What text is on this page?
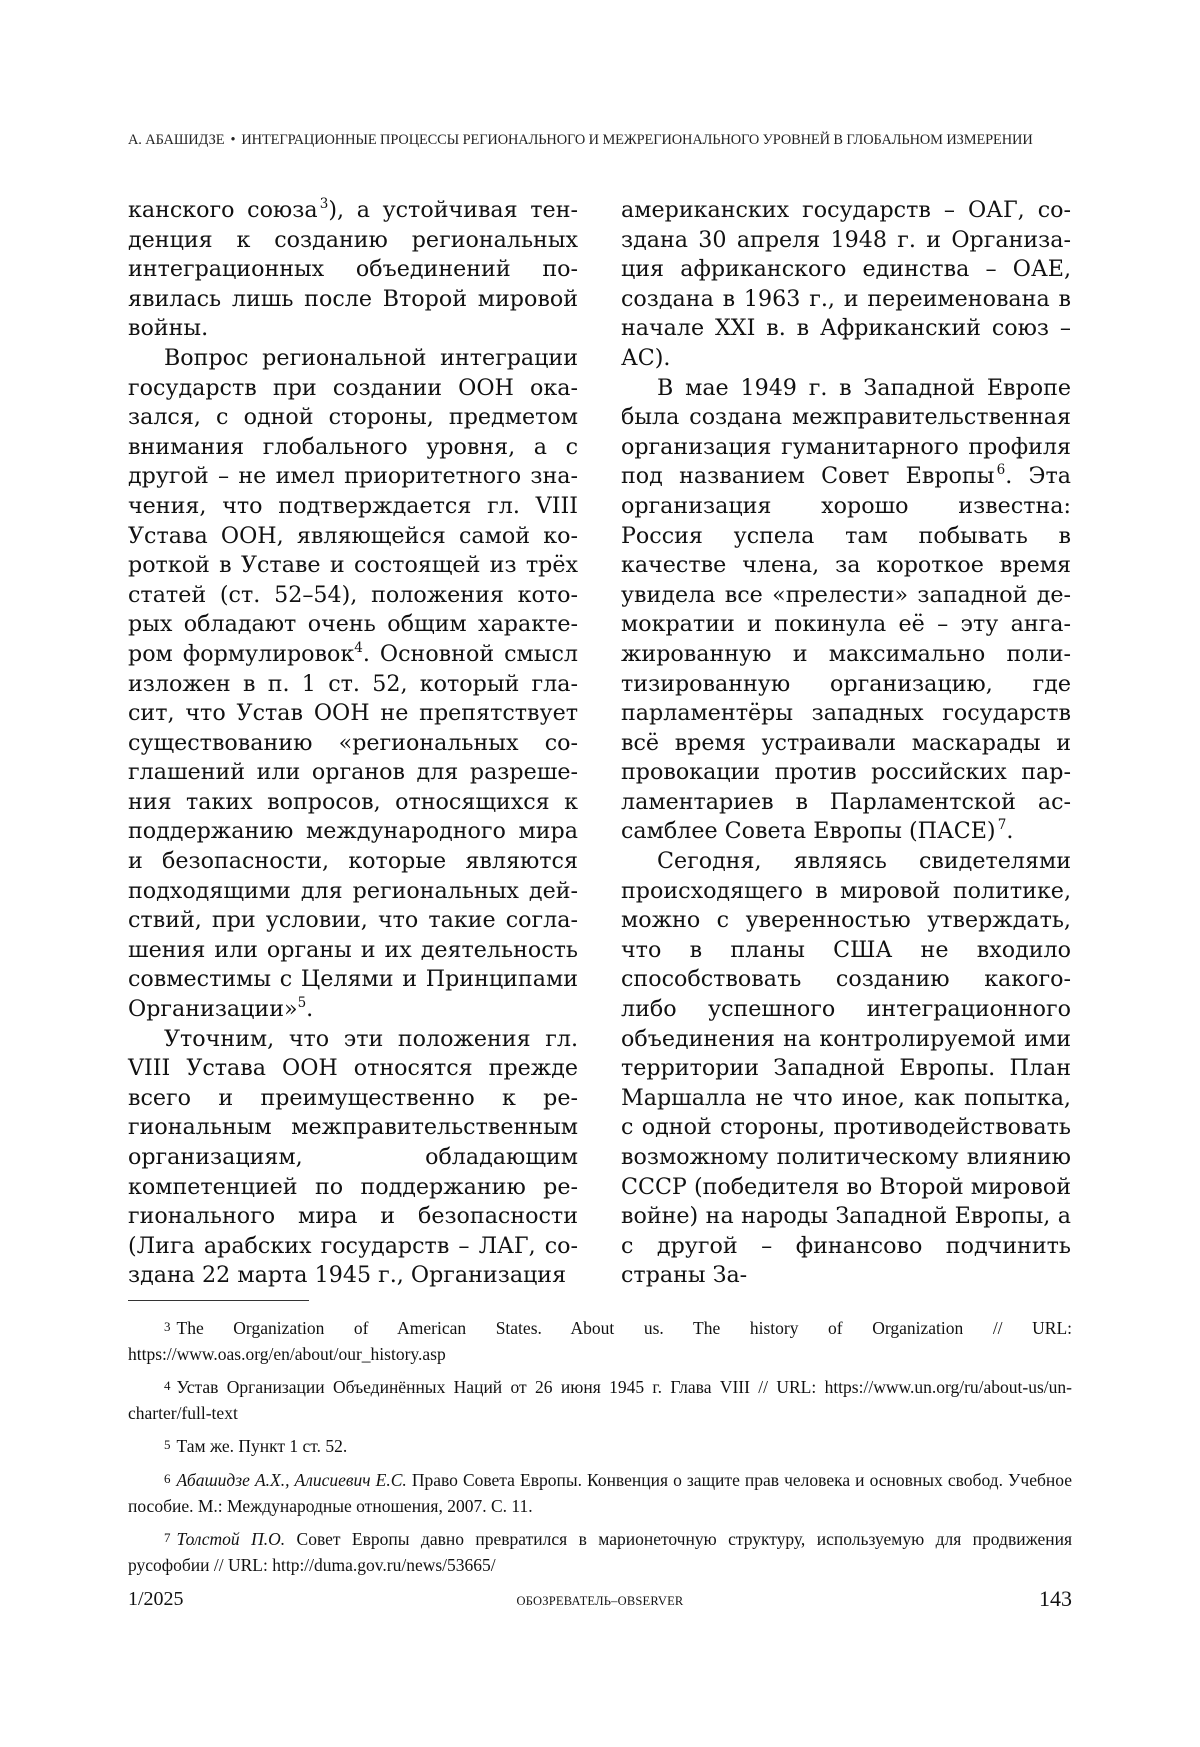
А. АБАШИДЗЕ • ИНТЕГРАЦИОННЫЕ ПРОЦЕССЫ РЕГИОНАЛЬНОГО И МЕЖРЕГИОНАЛЬНОГО УРОВНЕЙ В ГЛОБАЛЬНОМ ИЗМЕРЕНИИ

канского союза  $^3$), а устойчивая тенденция к созданию региональных интеграционных объединений появилась лишь после Второй мировой войны.

Вопрос региональной интеграции государств при создании ООН оказался, с одной стороны, предметом внимания глобального уровня, а с другой – не имел приоритетного значения, что подтверждается гл. VIII Устава ООН, являющейся самой короткой в Уставе и состоящей из трёх статей (ст. 52–54), положения которых обладают очень общим характером формулировок$^4$. Основной смысл изложен в п. 1 ст. 52, который гласит, что Устав ООН не препятствует существованию «региональных соглашений или органов для разрешения таких вопросов, относящихся к поддержанию международного мира и безопасности, которые являются подходящими для региональных действий, при условии, что такие соглашения или органы и их деятельность совместимы с Целями и Принципами Организации»$^5$.

Уточним, что эти положения гл. VIII Устава ООН относятся прежде всего и преимущественно к региональным межправительственным организациям, обладающим компетенцией по поддержанию регионального мира и безопасности (Лига арабских государств – ЛАГ, создана 22 марта 1945 г., Организация

американских государств – ОАГ, создана 30 апреля 1948 г. и Организация африканского единства – ОАЕ, создана в 1963 г., и переименована в начале XXI в. в Африканский союз – АС).

В мае 1949 г. в Западной Европе была создана межправительственная организация гуманитарного профиля под названием Совет Европы  $^6$. Эта организация хорошо известна: Россия успела там побывать в качестве члена, за короткое время увидела все «прелести» западной демократии и покинула её – эту ангажированную и максимально политизированную организацию, где парламентёры западных государств всё время устраивали маскарады и провокации против российских парламентариев в Парламентской ассамблее Совета Европы (ПАСЕ)  $^7$.

Сегодня, являясь свидетелями происходящего в мировой политике, можно с уверенностью утверждать, что в планы США не входило способствовать созданию какого-либо успешного интеграционного объединения на контролируемой ими территории Западной Европы. План Маршалла не что иное, как попытка, с одной стороны, противодействовать возможному политическому влиянию СССР (победителя во Второй мировой войне) на народы Западной Европы, а с другой – финансово подчинить страны За-

3 The Organization of American States. About us. The history of Organization // URL: https://www.oas.org/en/about/our_history.asp
4 Устав Организации Объединённых Наций от 26 июня 1945 г. Глава VIII // URL: https://www.un.org/ru/about-us/un-charter/full-text
5 Там же. Пункт 1 ст. 52.
6 Абашидзе А.Х., Алисиевич Е.С. Право Совета Европы. Конвенция о защите прав человека и основных свобод. Учебное пособие. М.: Международные отношения, 2007. С. 11.
7 Толстой П.О. Совет Европы давно превратился в марионеточную структуру, используемую для продвижения русофобии // URL: http://duma.gov.ru/news/53665/
1/2025	ОБОЗРЕВАТЕЛЬ–OBSERVER	143
